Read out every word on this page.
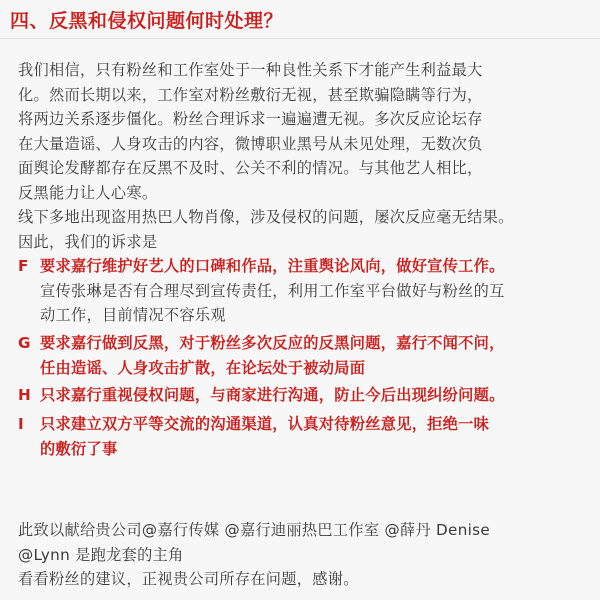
四、反黑和侵权问题何时处理？
我们相信，只有粉丝和工作室处于一种良性关系下才能产生利益最大
化。然而长期以来，工作室对粉丝敷衍无视，甚至欺骗隐瞒等行为，
将两边关系逐步僵化。粉丝合理诉求一遍遍遭无视。多次反应论坛存
在大量造谣、人身攻击的内容，微博职业黑号从未见处理，无数次负
面舆论发酵都存在反黑不及时、公关不利的情况。与其他艺人相比，
反黑能力让人心寒。
线下多地出现盗用热巴人物肖像，涉及侵权的问题，屡次反应毫无结果。
因此，我们的诉求是
F 要求嘉行维护好艺人的口碑和作品，注重舆论风向，做好宣传工作。
宣传张琳是否有合理尽到宣传责任，利用工作室平台做好与粉丝的互
动工作，目前情况不容乐观
G 要求嘉行做到反黑，对于粉丝多次反应的反黑问题，嘉行不闻不问，
任由造谣、人身攻击扩散，在论坛处于被动局面
H 只求嘉行重视侵权问题，与商家进行沟通，防止今后出现纠纷问题。
I	只求建立双方平等交流的沟通渠道，认真对待粉丝意见，拒绝一味
的敷衍了事
此致以献给贵公司@嘉行传媒 @嘉行迪丽热巴工作室 @薛丹 Denise
@Lynn 是跑龙套的主角
看看粉丝的建议，正视贵公司所存在问题，感谢。
